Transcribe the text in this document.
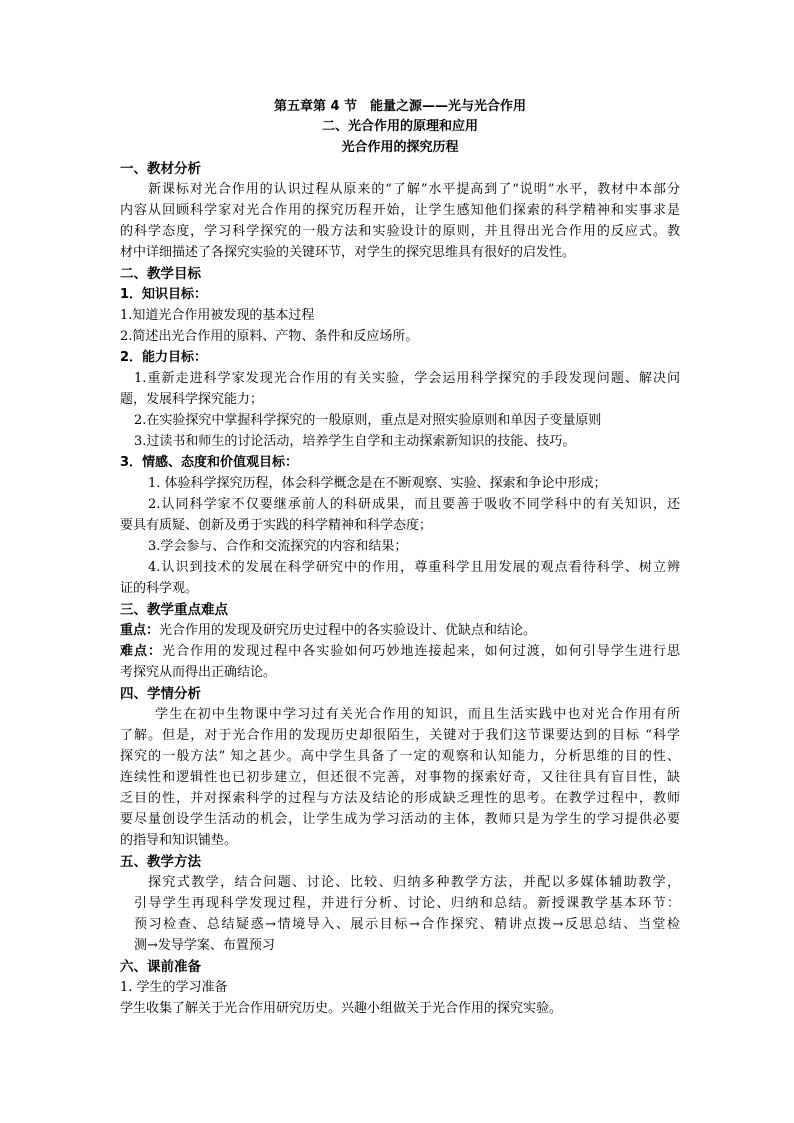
第五章第 4 节　能量之源——光与光合作用
二、光合作用的原理和应用
光合作用的探究历程
一、教材分析
新课标对光合作用的认识过程从原来的“了解”水平提高到了“说明”水平，教材中本部分
内容从回顾科学家对光合作用的探究历程开始，让学生感知他们探索的科学精神和实事求是
的科学态度，学习科学探究的一般方法和实验设计的原则，并且得出光合作用的反应式。教
材中详细描述了各探究实验的关键环节，对学生的探究思维具有很好的启发性。
二、教学目标
1．知识目标：
1.知道光合作用被发现的基本过程
2.简述出光合作用的原料、产物、条件和反应场所。
2．能力目标：
1.重新走进科学家发现光合作用的有关实验，学会运用科学探究的手段发现问题、解决问
题，发展科学探究能力；
2.在实验探究中掌握科学探究的一般原则，重点是对照实验原则和单因子变量原则
3.过读书和师生的讨论活动，培养学生自学和主动探索新知识的技能、技巧。
3．情感、态度和价值观目标：
1. 体验科学探究历程，体会科学概念是在不断观察、实验、探索和争论中形成；
2.认同科学家不仅要继承前人的科研成果，而且要善于吸收不同学科中的有关知识，还
要具有质疑、创新及勇于实践的科学精神和科学态度；
3.学会参与、合作和交流探究的内容和结果；
4.认识到技术的发展在科学研究中的作用，尊重科学且用发展的观点看待科学、树立辨
证的科学观。
三、教学重点难点
重点：光合作用的发现及研究历史过程中的各实验设计、优缺点和结论。
难点：光合作用的发现过程中各实验如何巧妙地连接起来，如何过渡，如何引导学生进行思
考探究从而得出正确结论。
四、学情分析
学生在初中生物课中学习过有关光合作用的知识，而且生活实践中也对光合作用有所
了解。但是，对于光合作用的发现历史却很陌生，关键对于我们这节课要达到的目标 “科学
探究的一般方法” 知之甚少。高中学生具备了一定的观察和认知能力，分析思维的目的性、
连续性和逻辑性也已初步建立，但还很不完善，对事物的探索好奇，又往往具有盲目性，缺
乏目的性，并对探索科学的过程与方法及结论的形成缺乏理性的思考。在教学过程中，教师
要尽量创设学生活动的机会，让学生成为学习活动的主体，教师只是为学生的学习提供必要
的指导和知识铺垫。
五、教学方法
探究式教学，结合问题、讨论、比较、归纳多种教学方法，并配以多媒体辅助教学，
引导学生再现科学发现过程，并进行分析、讨论、归纳和总结。新授课教学基本环节：
预习检查、总结疑惑→情境导入、展示目标→合作探究、精讲点拨→反思总结、当堂检
测→发导学案、布置预习
六、课前准备
1. 学生的学习准备
学生收集了解关于光合作用研究历史。兴趣小组做关于光合作用的探究实验。
